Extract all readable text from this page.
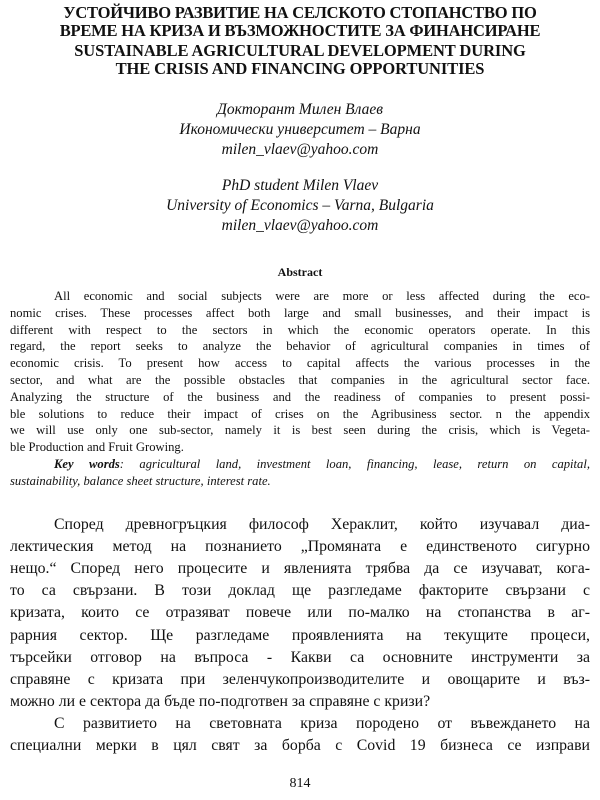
УСТОЙЧИВО РАЗВИТИЕ НА СЕЛСКОТО СТОПАНСТВО ПО
ВРЕМЕ НА КРИЗА И ВЪЗМОЖНОСТИТЕ ЗА ФИНАНСИРАНЕ
SUSTAINABLE AGRICULTURAL DEVELOPMENT DURING
THE CRISIS AND FINANCING OPPORTUNITIES
Докторант Милен Влаев
Икономически университет – Варна
milen_vlaev@yahoo.com
PhD student Milen Vlaev
University of Economics – Varna, Bulgaria
milen_vlaev@yahoo.com
Abstract
All economic and social subjects were are more or less affected during the eco-
nomic crises. These processes affect both large and small businesses, and their impact is
different with respect to the sectors in which the economic operators operate. In this
regard, the report seeks to analyze the behavior of agricultural companies in times of
economic crisis. To present how access to capital affects the various processes in the
sector, and what are the possible obstacles that companies in the agricultural sector face.
Analyzing the structure of the business and the readiness of companies to present possi-
ble solutions to reduce their impact of crises on the Agribusiness sector. n the appendix
we will use only one sub-sector, namely it is best seen during the crisis, which is Vegeta-
ble Production and Fruit Growing.
Key words: agricultural land, investment loan, financing, lease, return on capital,
sustainability, balance sheet structure, interest rate.
Според древногръцкия философ Хераклит, който изучавал диа-
лектическия метод на познанието „Промяната е единственото сигурно
нещо.“ Според него процесите и явленията трябва да се изучават, кога-
то са свързани. В този доклад ще разгледаме факторите свързани с
кризата, които се отразяват повече или по-малко на стопанства в аг-
рарния сектор. Ще разгледаме проявленията на текущите процеси,
търсейки отговор на въпроса - Какви са основните инструменти за
справяне с кризата при зеленчукопроизводителите и овощарите и въз-
можно ли е сектора да бъде по-подготвен за справяне с кризи?
С развитието на световната криза породено от въвеждането на
специални мерки в цял свят за борба с Covid 19 бизнеса се изправи
814
